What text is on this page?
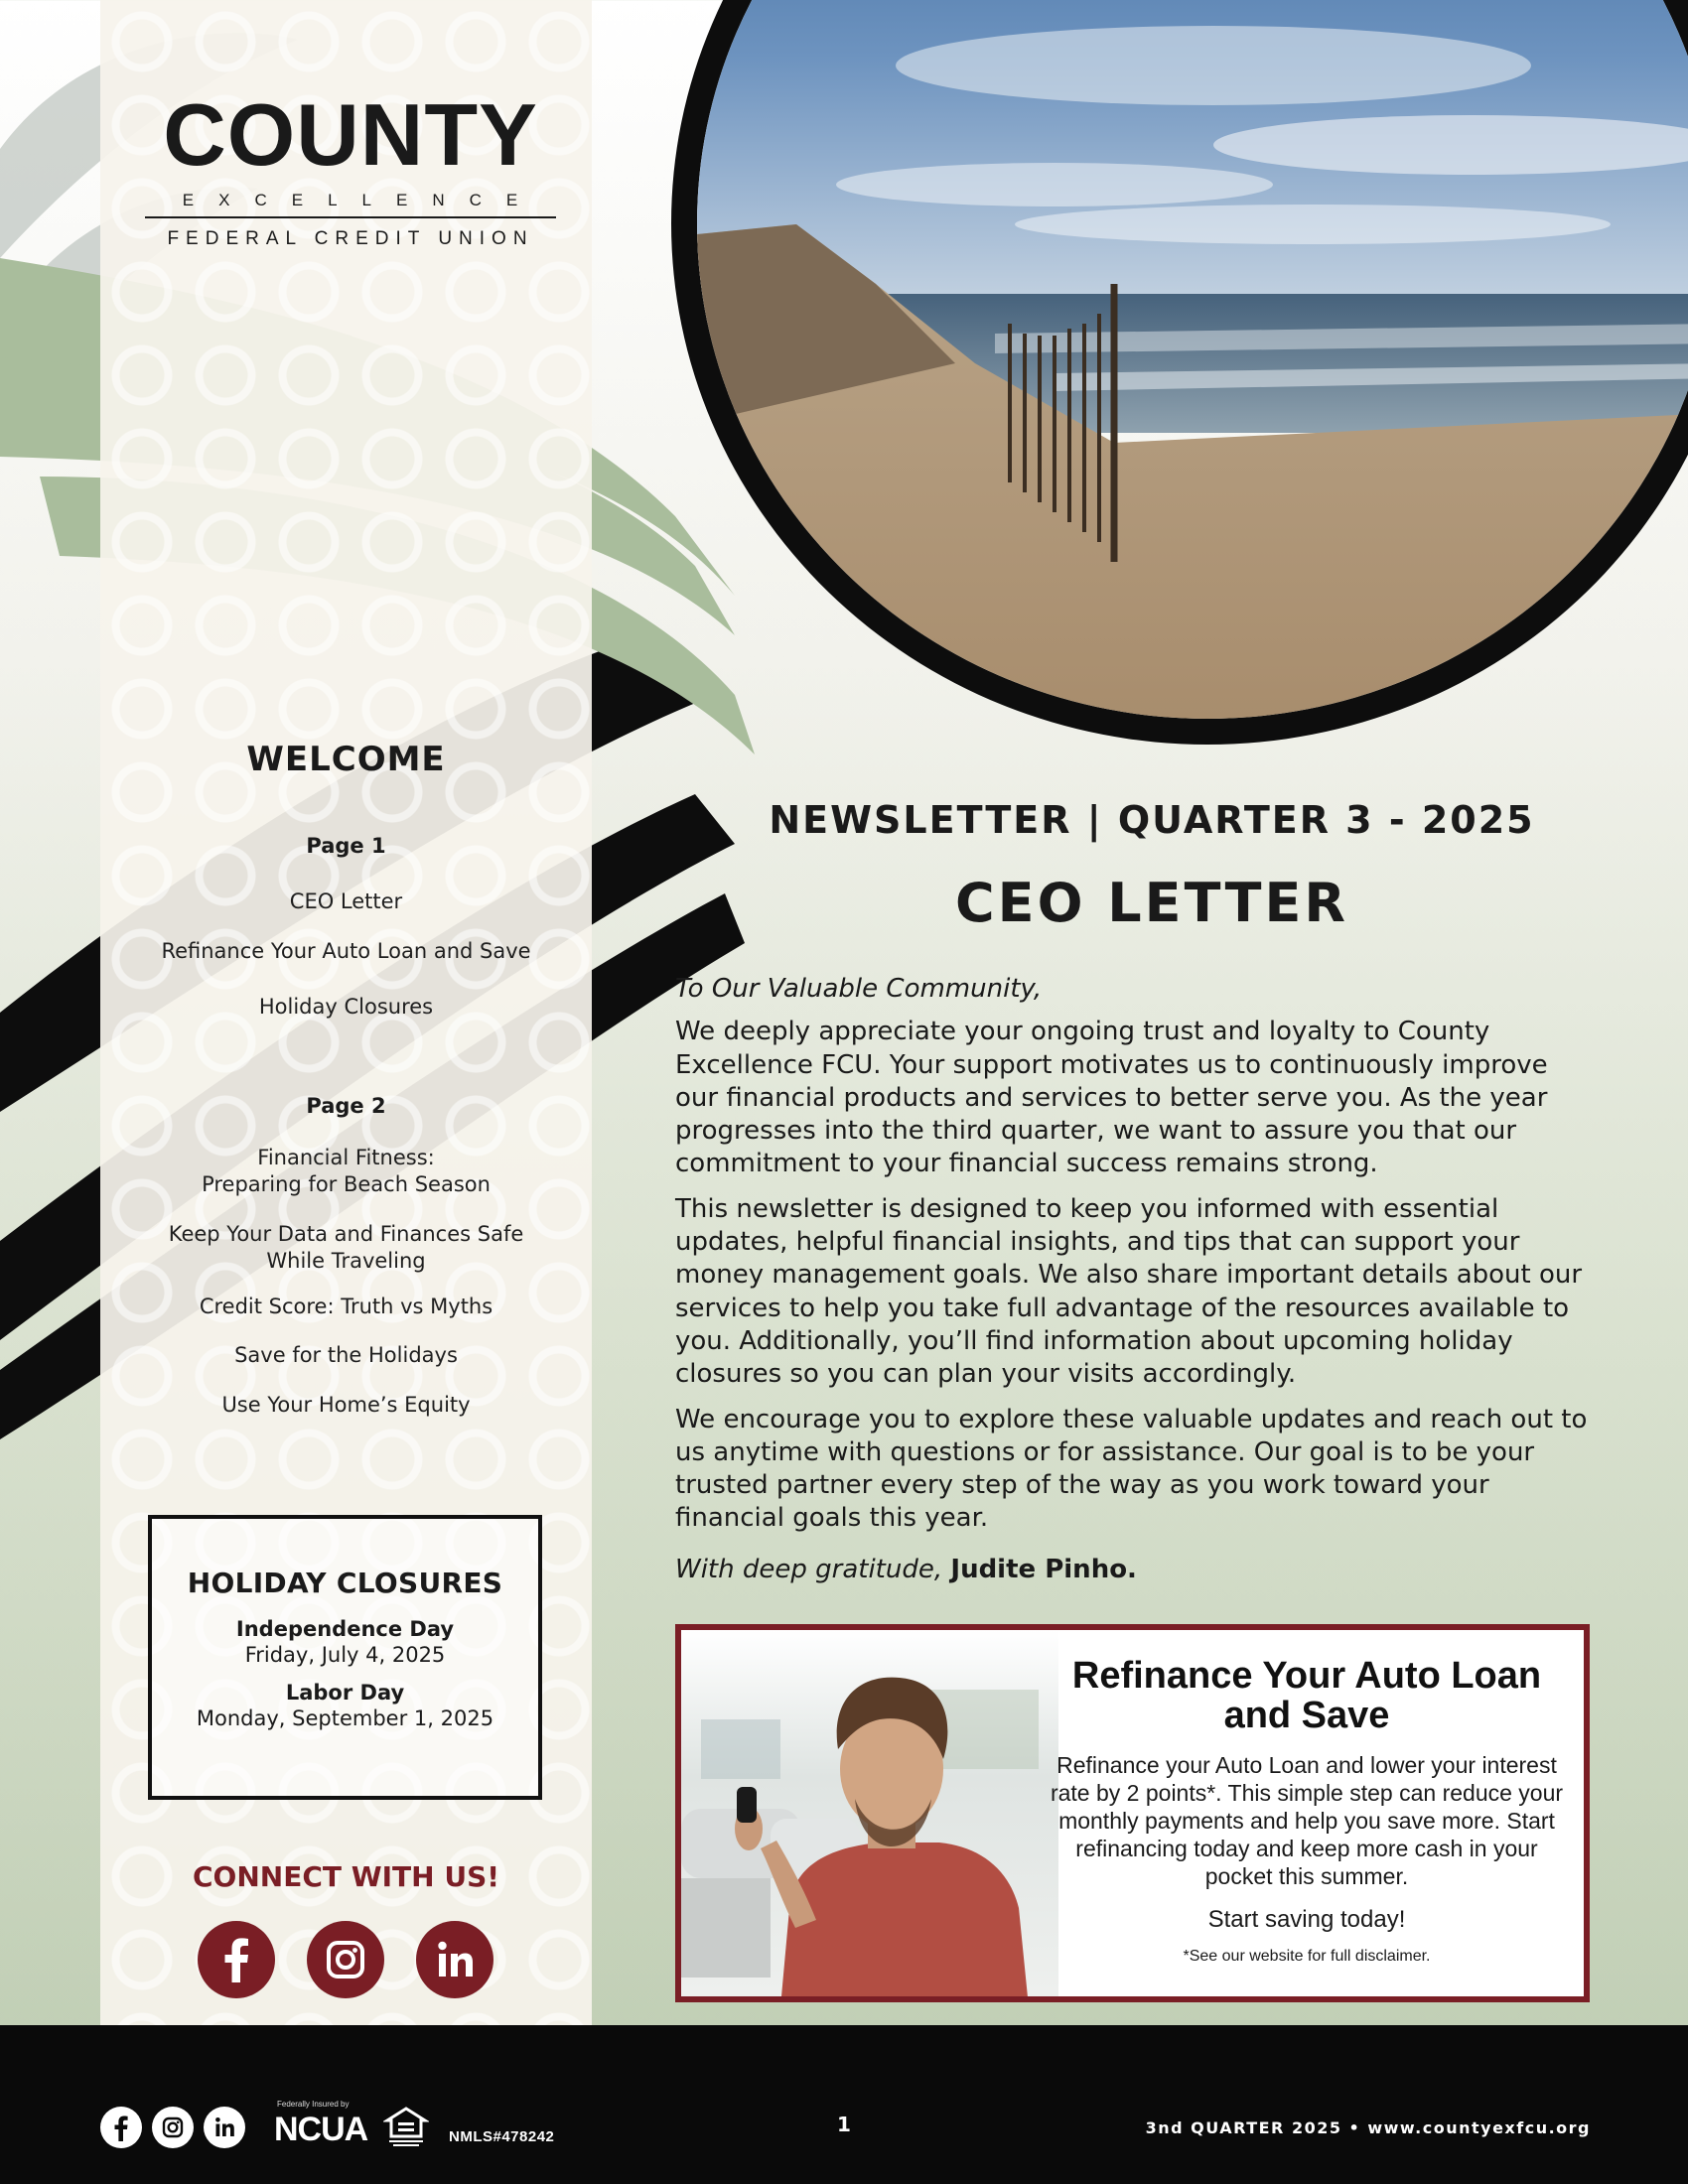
COUNTY
EXCELLENCE
FEDERAL CREDIT UNION
WELCOME
Page 1
CEO Letter
Refinance Your Auto Loan and Save
Holiday Closures
Page 2
Financial Fitness:
Preparing for Beach Season
Keep Your Data and Finances Safe
While Traveling
Credit Score: Truth vs Myths
Save for the Holidays
Use Your Home’s Equity
HOLIDAY CLOSURES
Independence Day
Friday, July 4, 2025
Labor Day
Monday, September 1, 2025
CONNECT WITH US!
NEWSLETTER | QUARTER 3 - 2025
CEO LETTER
To Our Valuable Community,

We deeply appreciate your ongoing trust and loyalty to County Excellence FCU. Your support motivates us to continuously improve our financial products and services to better serve you. As the year progresses into the third quarter, we want to assure you that our commitment to your financial success remains strong.

This newsletter is designed to keep you informed with essential updates, helpful financial insights, and tips that can support your money management goals. We also share important details about our services to help you take full advantage of the resources available to you. Additionally, you’ll find information about upcoming holiday closures so you can plan your visits accordingly.

We encourage you to explore these valuable updates and reach out to us anytime with questions or for assistance. Our goal is to be your trusted partner every step of the way as you work toward your financial goals this year.

With deep gratitude, Judite Pinho.
Refinance Your Auto Loan and Save
Refinance your Auto Loan and lower your interest rate by 2 points*. This simple step can reduce your monthly payments and help you save more. Start refinancing today and keep more cash in your pocket this summer.
Start saving today!
*See our website for full disclaimer.
Federally Insured by
NCUA	NMLS#478242
1	3nd QUARTER 2025 • www.countyexfcu.org
